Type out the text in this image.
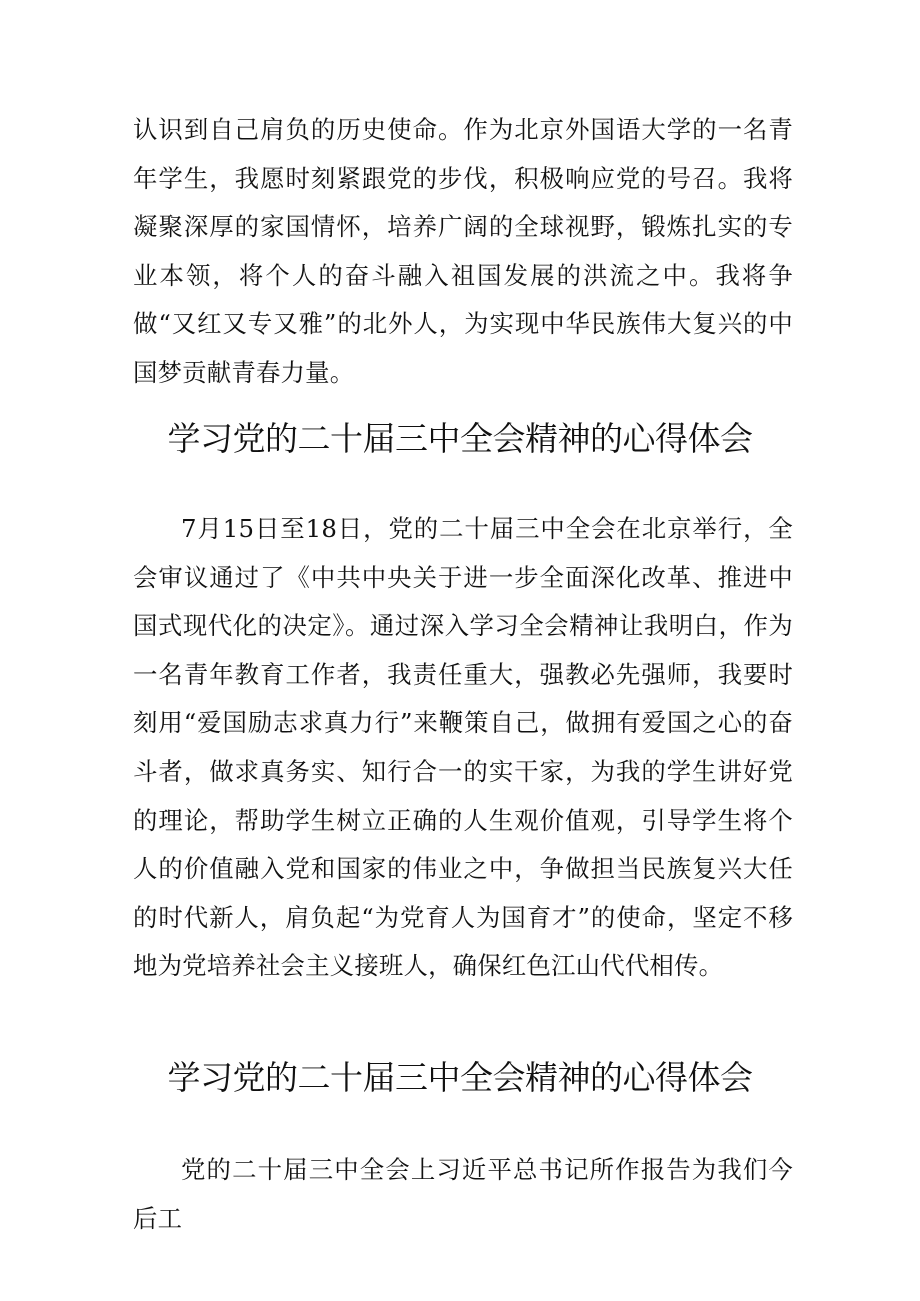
认识到自己肩负的历史使命。作为北京外国语大学的一名青年学生，我愿时刻紧跟党的步伐，积极响应党的号召。我将凝聚深厚的家国情怀，培养广阔的全球视野，锻炼扎实的专业本领，将个人的奋斗融入祖国发展的洪流之中。我将争做“又红又专又雅”的北外人，为实现中华民族伟大复兴的中国梦贡献青春力量。

学习党的二十届三中全会精神的心得体会

7月15日至18日，党的二十届三中全会在北京举行，全会审议通过了《中共中央关于进一步全面深化改革、推进中国式现代化的决定》。通过深入学习全会精神让我明白，作为一名青年教育工作者，我责任重大，强教必先强师，我要时刻用“爱国励志求真力行”来鞭策自己，做拥有爱国之心的奋斗者，做求真务实、知行合一的实干家，为我的学生讲好党的理论，帮助学生树立正确的人生观价值观，引导学生将个人的价值融入党和国家的伟业之中，争做担当民族复兴大任的时代新人，肩负起“为党育人为国育才”的使命，坚定不移地为党培养社会主义接班人，确保红色江山代代相传。

学习党的二十届三中全会精神的心得体会

党的二十届三中全会上习近平总书记所作报告为我们今后工
